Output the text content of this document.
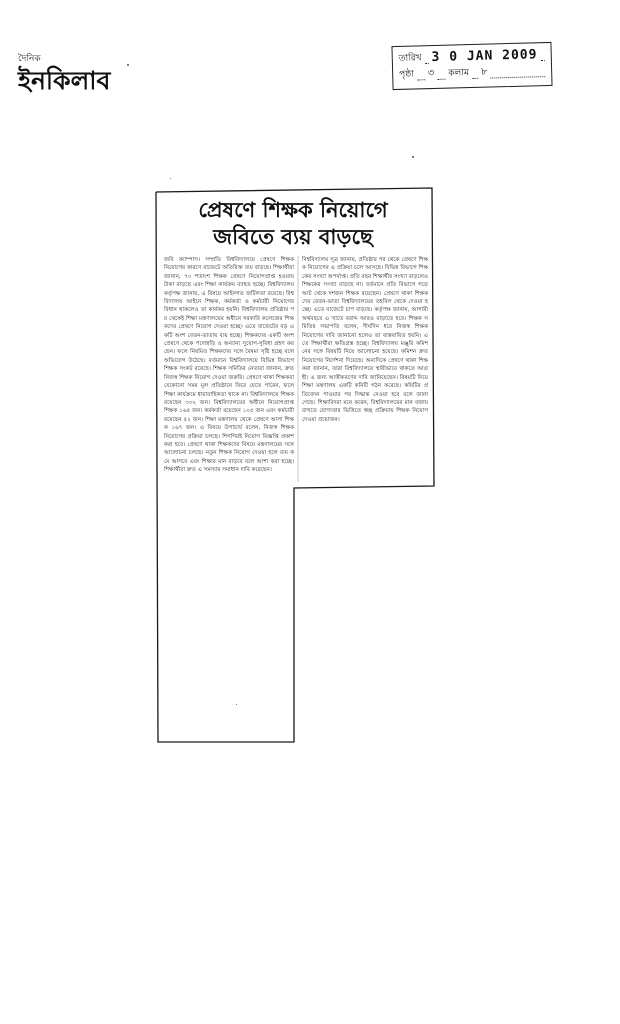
দৈনিক
ইনকিলাব
তারিখ 3 0 JAN 2009
পৃষ্ঠা ৩ কলাম ৮
প্রেষণে শিক্ষক নিয়োগে
জবিতে ব্যয় বাড়ছে
জবি ক্যাম্পাস। সম্প্রতি বিশ্ববিদ্যালয়ে প্রেষণে শিক্ষক নিয়োগের কারণে বাজেটে অতিরিক্ত ব্যয় বাড়ছে। শিক্ষার্থীরা জানান, ৭০ শতাংশ শিক্ষক প্রেষণে নিয়োগপ্রাপ্ত হওয়ায় টাকা বাড়ছে এবং শিক্ষা কার্যক্রম ব্যাহত হচ্ছে। বিশ্ববিদ্যালয় কর্তৃপক্ষ জানায়, এ বিষয়ে আইনগত জটিলতা রয়েছে। বিশ্ববিদ্যালয় আইনে শিক্ষক, কর্মকর্তা ও কর্মচারী নিয়োগের বিধান থাকলেও তা কার্যকর হয়নি। বিশ্ববিদ্যালয় প্রতিষ্ঠার পর থেকেই শিক্ষা মন্ত্রণালয়ের অধীনে সরকারি কলেজের শিক্ষকদের প্রেষণে নিয়োগ দেওয়া হচ্ছে। এতে বাজেটের বড় একটি অংশ বেতন-ভাতায় ব্যয় হচ্ছে। শিক্ষকদের একটি অংশ প্রেষণে থেকে পদোন্নতি ও অন্যান্য সুযোগ-সুবিধা গ্রহণ করছেন। ফলে নিয়মিত শিক্ষকদের সঙ্গে বৈষম্য সৃষ্টি হচ্ছে বলে অভিযোগ উঠেছে। বর্তমানে বিশ্ববিদ্যালয়ে বিভিন্ন বিভাগে শিক্ষক সংকট রয়েছে। শিক্ষক সমিতির নেতারা জানান, দ্রুত নিজস্ব শিক্ষক নিয়োগ দেওয়া জরুরি। প্রেষণে থাকা শিক্ষকরা যেকোনো সময় মূল প্রতিষ্ঠানে ফিরে যেতে পারেন, ফলে শিক্ষা কার্যক্রমে ধারাবাহিকতা থাকে না। বিশ্ববিদ্যালয়ে শিক্ষক রয়েছেন ৩৩২ জন। বিশ্ববিদ্যালয়ের অধীনে নিয়োগপ্রাপ্ত শিক্ষক ১৬৫ জন। কর্মকর্তা রয়েছেন ১০৫ জন এবং কর্মচারী রয়েছেন ৫২ জন। শিক্ষা মন্ত্রণালয় থেকে প্রেষণে আসা শিক্ষক ১৬৭ জন। এ বিষয়ে উপাচার্য বলেন, নিজস্ব শিক্ষক নিয়োগের প্রক্রিয়া চলছে। শিগগিরই নিয়োগ বিজ্ঞপ্তি প্রকাশ করা হবে। প্রেষণে থাকা শিক্ষকদের বিষয়ে মন্ত্রণালয়ের সঙ্গে আলোচনা চলছে। নতুন শিক্ষক নিয়োগ দেওয়া হলে ব্যয় কমে আসবে এবং শিক্ষার মান বাড়বে বলে আশা করা হচ্ছে। শিক্ষার্থীরা দ্রুত এ সমস্যার সমাধান দাবি করেছেন।
বিশ্ববিদ্যালয় সূত্র জানায়, প্রতিষ্ঠার পর থেকে প্রেষণে শিক্ষক নিয়োগের এ প্রক্রিয়া চলে আসছে। বিভিন্ন বিভাগে শিক্ষকের সংখ্যা অপর্যাপ্ত। প্রতি বছর শিক্ষার্থীর সংখ্যা বাড়লেও শিক্ষকের সংখ্যা বাড়ছে না। বর্তমানে প্রতি বিভাগে গড়ে আট থেকে দশজন শিক্ষক রয়েছেন। প্রেষণে থাকা শিক্ষকদের বেতন-ভাতা বিশ্ববিদ্যালয়ের তহবিল থেকে দেওয়া হচ্ছে। এতে বাজেটে চাপ বাড়ছে। কর্তৃপক্ষ জানায়, আগামী অর্থবছরে এ খাতে বরাদ্দ আরও বাড়াতে হবে। শিক্ষক সমিতির সভাপতি বলেন, দীর্ঘদিন ধরে নিজস্ব শিক্ষক নিয়োগের দাবি জানানো হলেও তা বাস্তবায়িত হয়নি। এতে শিক্ষার্থীরা ক্ষতিগ্রস্ত হচ্ছে। বিশ্ববিদ্যালয় মঞ্জুরি কমিশনের সঙ্গে বিষয়টি নিয়ে আলোচনা হয়েছে। কমিশন দ্রুত নিয়োগের নির্দেশনা দিয়েছে। অন্যদিকে প্রেষণে থাকা শিক্ষকরা জানান, তারা বিশ্ববিদ্যালয়ে স্থায়ীভাবে থাকতে আগ্রহী। এ জন্য আত্তীকরণের দাবি জানিয়েছেন। বিষয়টি নিয়ে শিক্ষা মন্ত্রণালয় একটি কমিটি গঠন করেছে। কমিটির প্রতিবেদন পাওয়ার পর সিদ্ধান্ত নেওয়া হবে বলে জানা গেছে। শিক্ষাবিদরা মনে করেন, বিশ্ববিদ্যালয়ের মান বজায় রাখতে যোগ্যতার ভিত্তিতে স্বচ্ছ প্রক্রিয়ায় শিক্ষক নিয়োগ দেওয়া প্রয়োজন।
